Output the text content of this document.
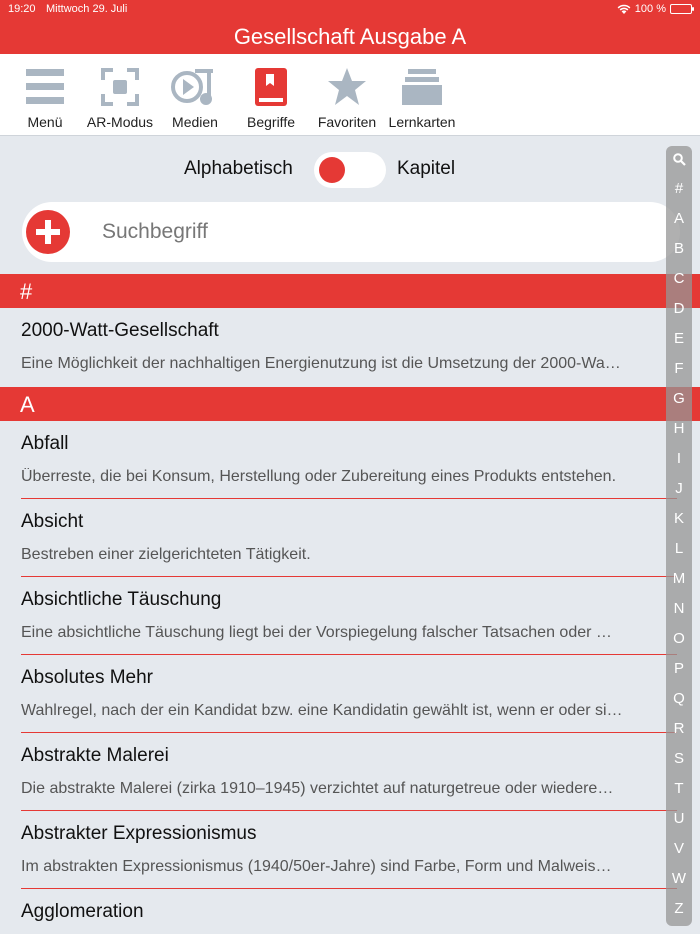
19:20 Mittwoch 29. Juli	100 %
Gesellschaft Ausgabe A
Menü	AR-Modus	Medien	Begriffe	Favoriten Lernkarten
Alphabetisch	Kapitel
Suchbegriff
#
2000-Watt-Gesellschaft
Eine Möglichkeit der nachhaltigen Energienutzung ist die Umsetzung der 2000-Wa…
A
Abfall
Überreste, die bei Konsum, Herstellung oder Zubereitung eines Produkts entstehen.
Absicht
Bestreben einer zielgerichteten Tätigkeit.
Absichtliche Täuschung
Eine absichtliche Täuschung liegt bei der Vorspiegelung falscher Tatsachen oder …
Absolutes Mehr
Wahlregel, nach der ein Kandidat bzw. eine Kandidatin gewählt ist, wenn er oder si…
Abstrakte Malerei
Die abstrakte Malerei (zirka 1910–1945) verzichtet auf naturgetreue oder wiedere…
Abstrakter Expressionismus
Im abstrakten Expressionismus (1940/50er-Jahre) sind Farbe, Form und Malweis…
Agglomeration
#
A
B
C
D
E
F
G
H
I
J
K
L
M
N
O
P
Q
R
S
T
U
V
W
Z
